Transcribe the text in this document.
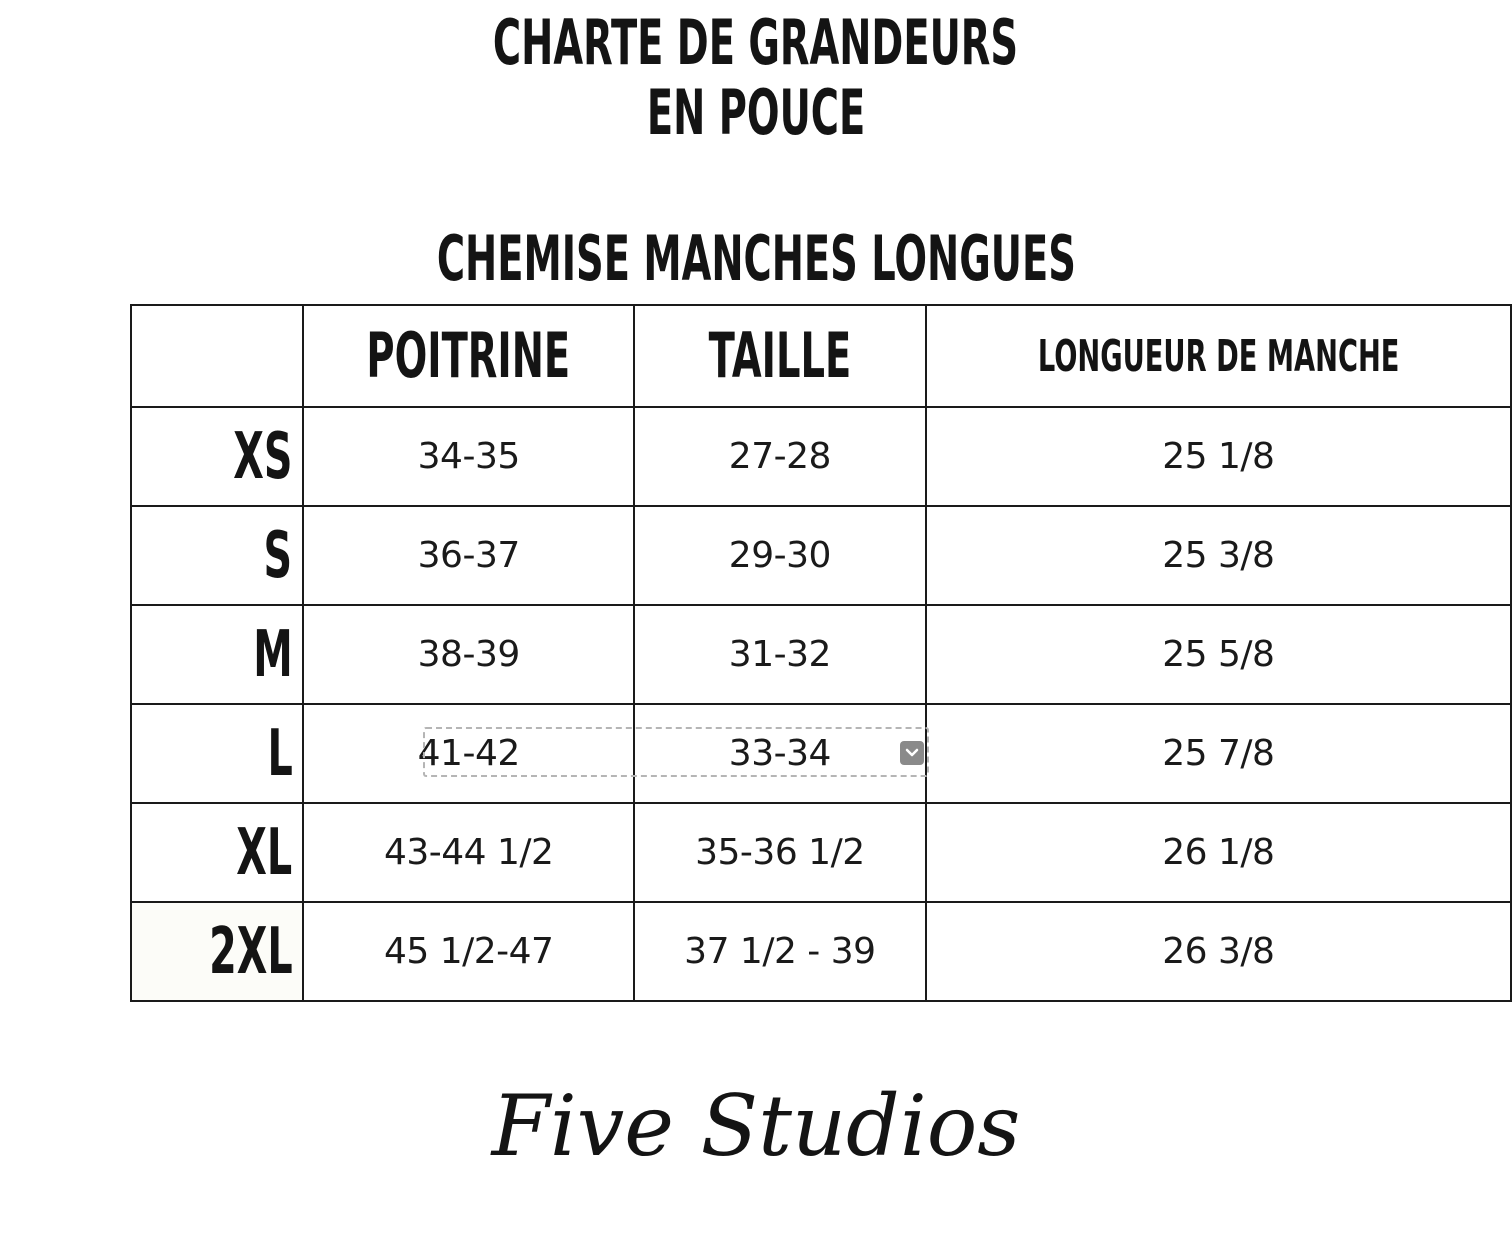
CHARTE DE GRANDEURS
EN POUCE
CHEMISE MANCHES LONGUES
	POITRINE	TAILLE	LONGUEUR DE MANCHE
XS	34-35	27-28	25 1/8
S	36-37	29-30	25 3/8
M	38-39	31-32	25 5/8
L	41-42	33-34	25 7/8
XL	43-44 1/2	35-36 1/2	26 1/8
2XL	45 1/2-47	37 1/2 - 39	26 3/8
Five Studios
